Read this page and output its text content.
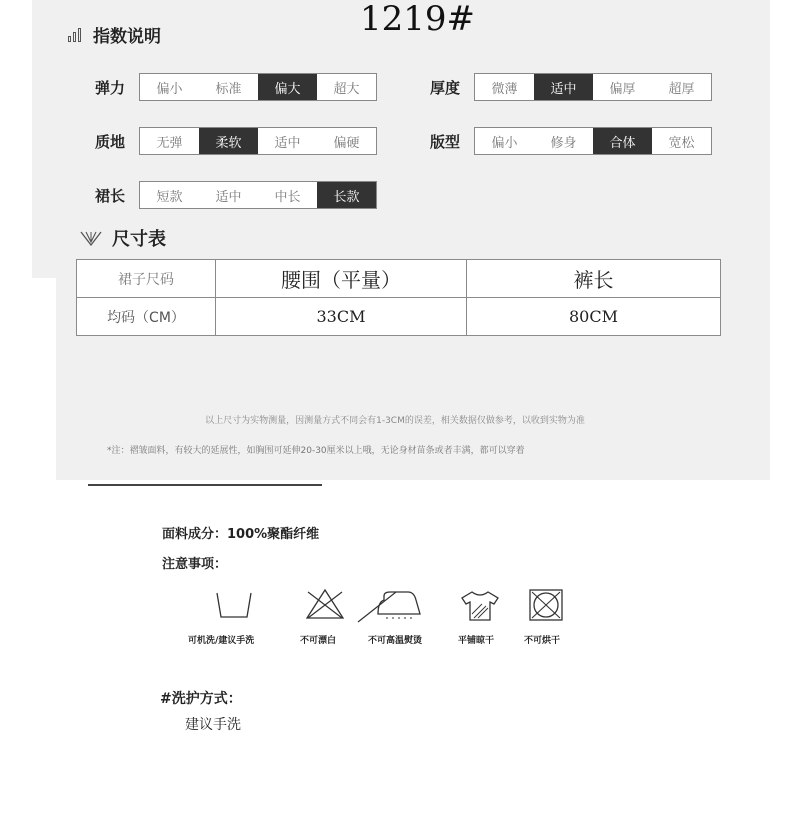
1219#
指数说明
弹力	偏小	标准	偏大	超大	厚度	微薄	适中	偏厚	超厚
质地	无弹	柔软	适中	偏硬	版型	偏小	修身	合体	宽松
裙长	短款	适中	中长	长款
尺寸表
裙子尺码	腰围（平量）	裤长
均码（CM）	33CM	80CM
以上尺寸为实物测量，因测量方式不同会有1-3CM的误差，相关数据仅做参考，以收到实物为准
*注：褶皱面料，有较大的延展性，如胸围可延伸20-30厘米以上哦，无论身材苗条或者丰满，都可以穿着
面料成分：100%聚酯纤维
注意事项：
可机洗/建议手洗	不可漂白	不可高温熨烫	平铺晾干	不可烘干
#洗护方式：
建议手洗
